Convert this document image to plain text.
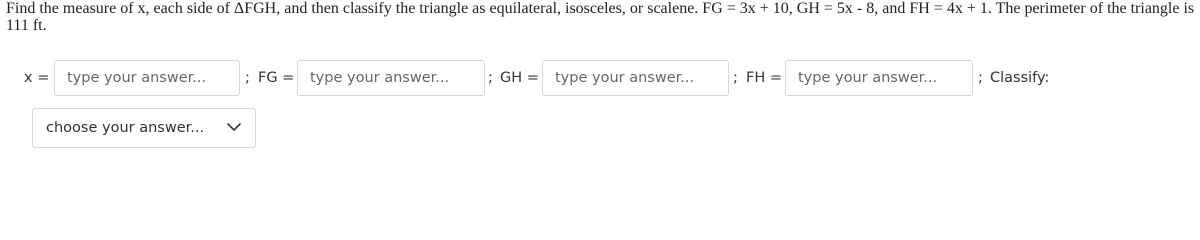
Find the measure of x, each side of ΔFGH, and then classify the triangle as equilateral, isosceles, or scalene. FG = 3x + 10, GH = 5x - 8, and FH = 4x + 1. The perimeter of the triangle is 111 ft.
x =
type your answer...	; FG =
type your answer...	; GH =
type your answer...	; FH =
type your answer...	; Classify:
choose your answer...
